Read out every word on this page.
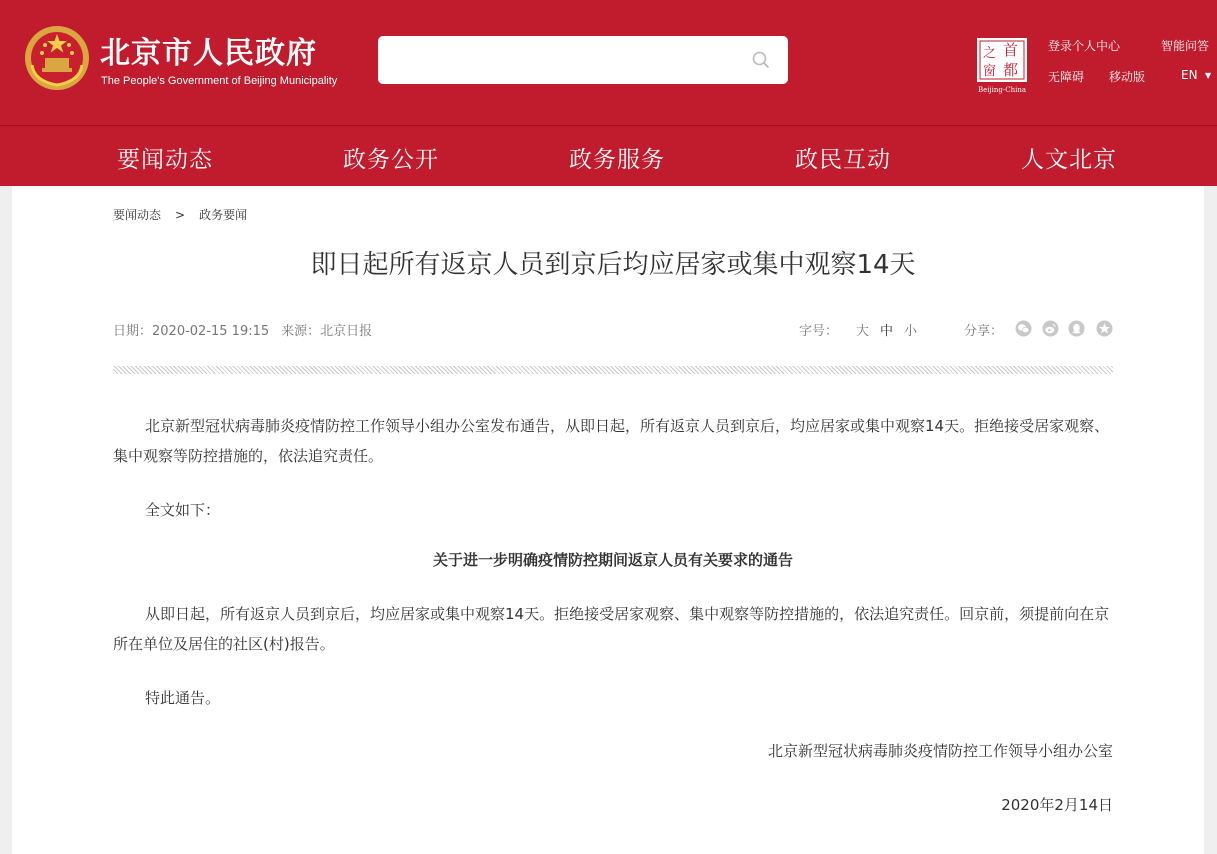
北京市人民政府
The People's Government of Beijing Municipality
之 首
窗 都
Beijing-China
登录个人中心	智能问答
无障碍 移动版	EN ▼
要闻动态	政务公开	政务服务	政民互动	人文北京
要闻动态 > 政务要闻
即日起所有返京人员到京后均应居家或集中观察14天
日期：2020-02-15 19:15 来源：北京日报	字号： 大 中 小	分享：
北京新型冠状病毒肺炎疫情防控工作领导小组办公室发布通告，从即日起，所有返京人员到京后，均应居家或集中观察14天。拒绝接受居家观察、集中观察等防控措施的，依法追究责任。
全文如下：
关于进一步明确疫情防控期间返京人员有关要求的通告
从即日起，所有返京人员到京后，均应居家或集中观察14天。拒绝接受居家观察、集中观察等防控措施的，依法追究责任。回京前，须提前向在京所在单位及居住的社区(村)报告。
特此通告。
北京新型冠状病毒肺炎疫情防控工作领导小组办公室
2020年2月14日
